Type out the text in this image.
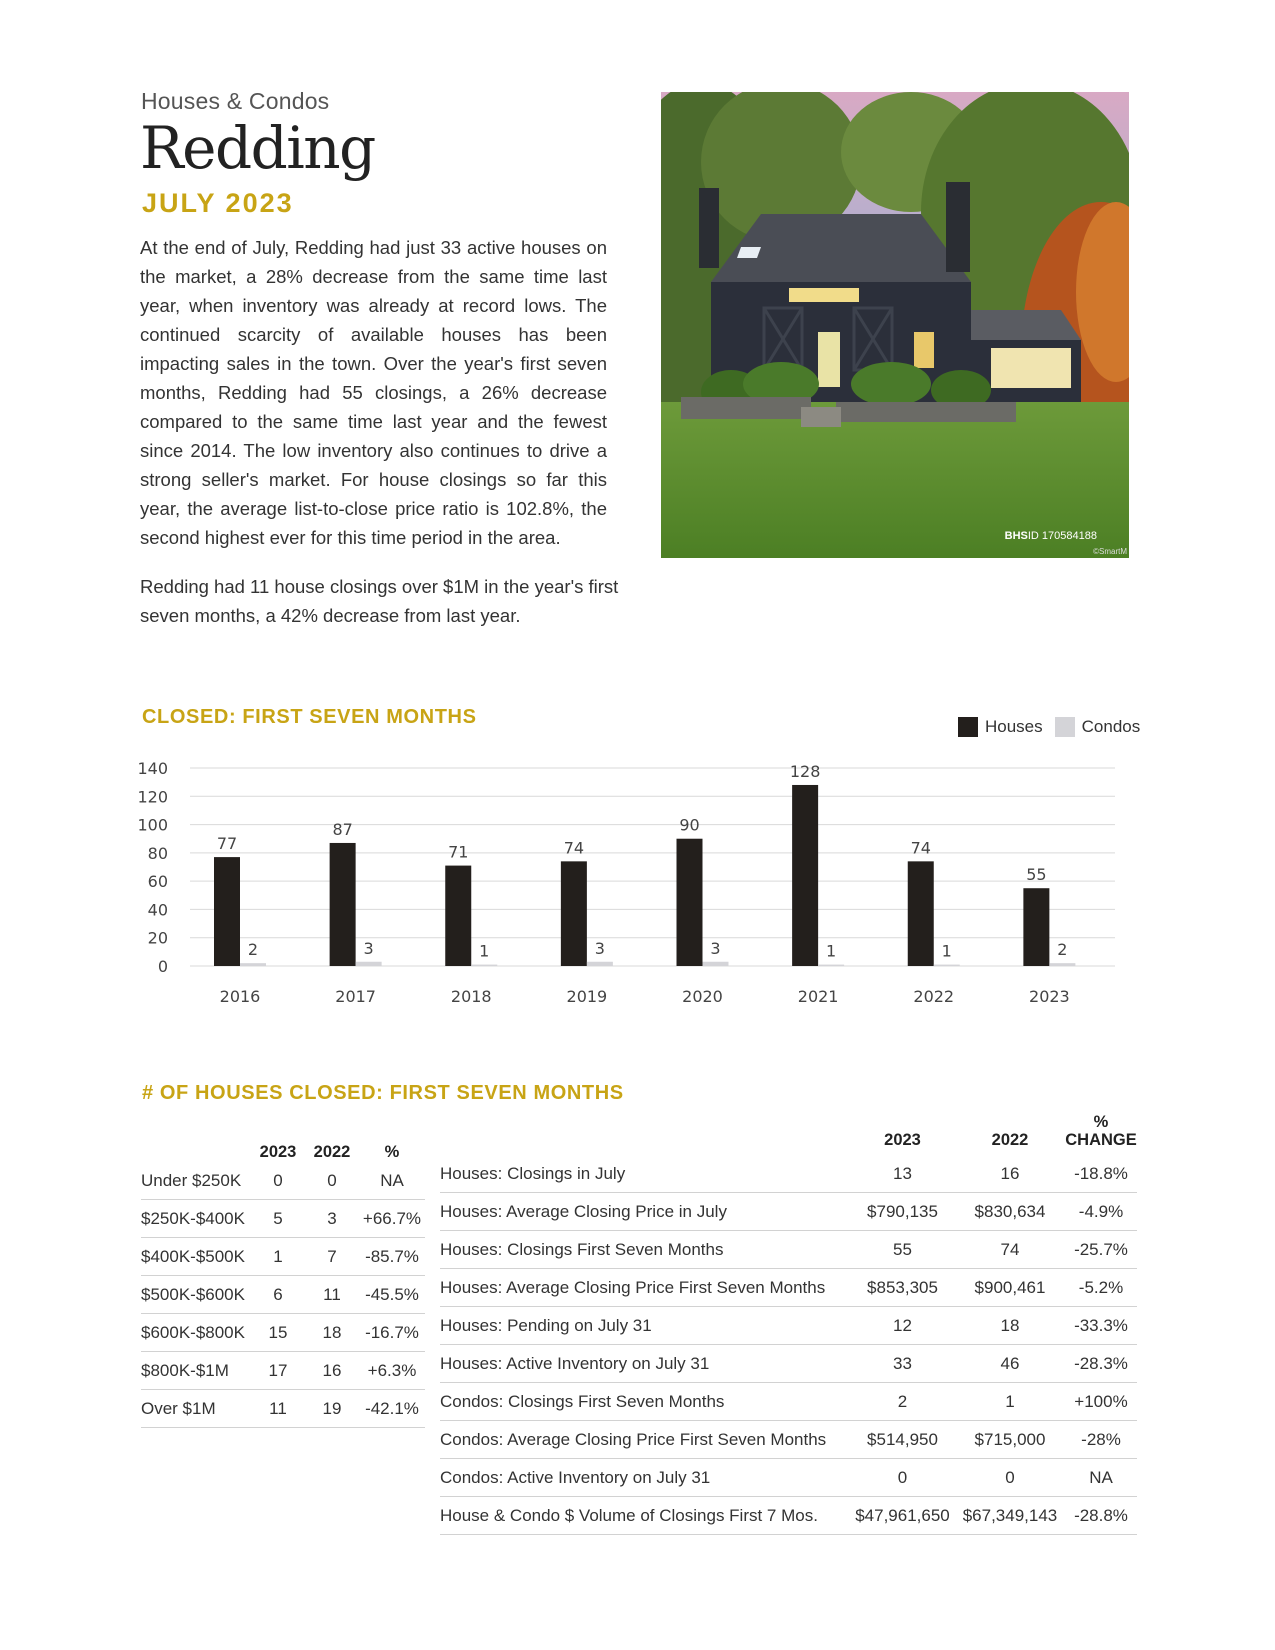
Houses & Condos
Redding
JULY 2023

At the end of July, Redding had just 33 active houses on the market, a 28% decrease from the same time last year, when inventory was already at record lows. The continued scarcity of available houses has been impacting sales in the town. Over the year's first seven months, Redding had 55 closings, a 26% decrease compared to the same time last year and the fewest since 2014. The low inventory also continues to drive a strong seller's market. For house closings so far this year, the average list-to-close price ratio is 102.8%, the second highest ever for this time period in the area.

Redding had 11 house closings over $1M in the year's first seven months, a 42% decrease from last year.

BHSID 170584188
©SmartM
CLOSED: FIRST SEVEN MONTHS	Houses Condos
0
20
40
60
80
100
120
140
77
2
2016
87
3
2017
71
1
2018
74
3
2019
90
3
2020
128
1
2021
74
1
2022
55
2
2023
# OF HOUSES CLOSED: FIRST SEVEN MONTHS
	2023	2022	%
Under $250K	0	0	NA
$250K-$400K	5	3	+66.7%
$400K-$500K	1	7	-85.7%
$500K-$600K	6	11	-45.5%
$600K-$800K	15	18	-16.7%
$800K-$1M	17	16	+6.3%
Over $1M	11	19	-42.1%
	2023	2022	%
CHANGE
Houses: Closings in July	13	16	-18.8%
Houses: Average Closing Price in July	$790,135	$830,634	-4.9%
Houses: Closings First Seven Months	55	74	-25.7%
Houses: Average Closing Price First Seven Months	$853,305	$900,461	-5.2%
Houses: Pending on July 31	12	18	-33.3%
Houses: Active Inventory on July 31	33	46	-28.3%
Condos: Closings First Seven Months	2	1	+100%
Condos: Average Closing Price First Seven Months	$514,950	$715,000	-28%
Condos: Active Inventory on July 31	0	0	NA
House & Condo $ Volume of Closings First 7 Mos.	$47,961,650	$67,349,143	-28.8%
